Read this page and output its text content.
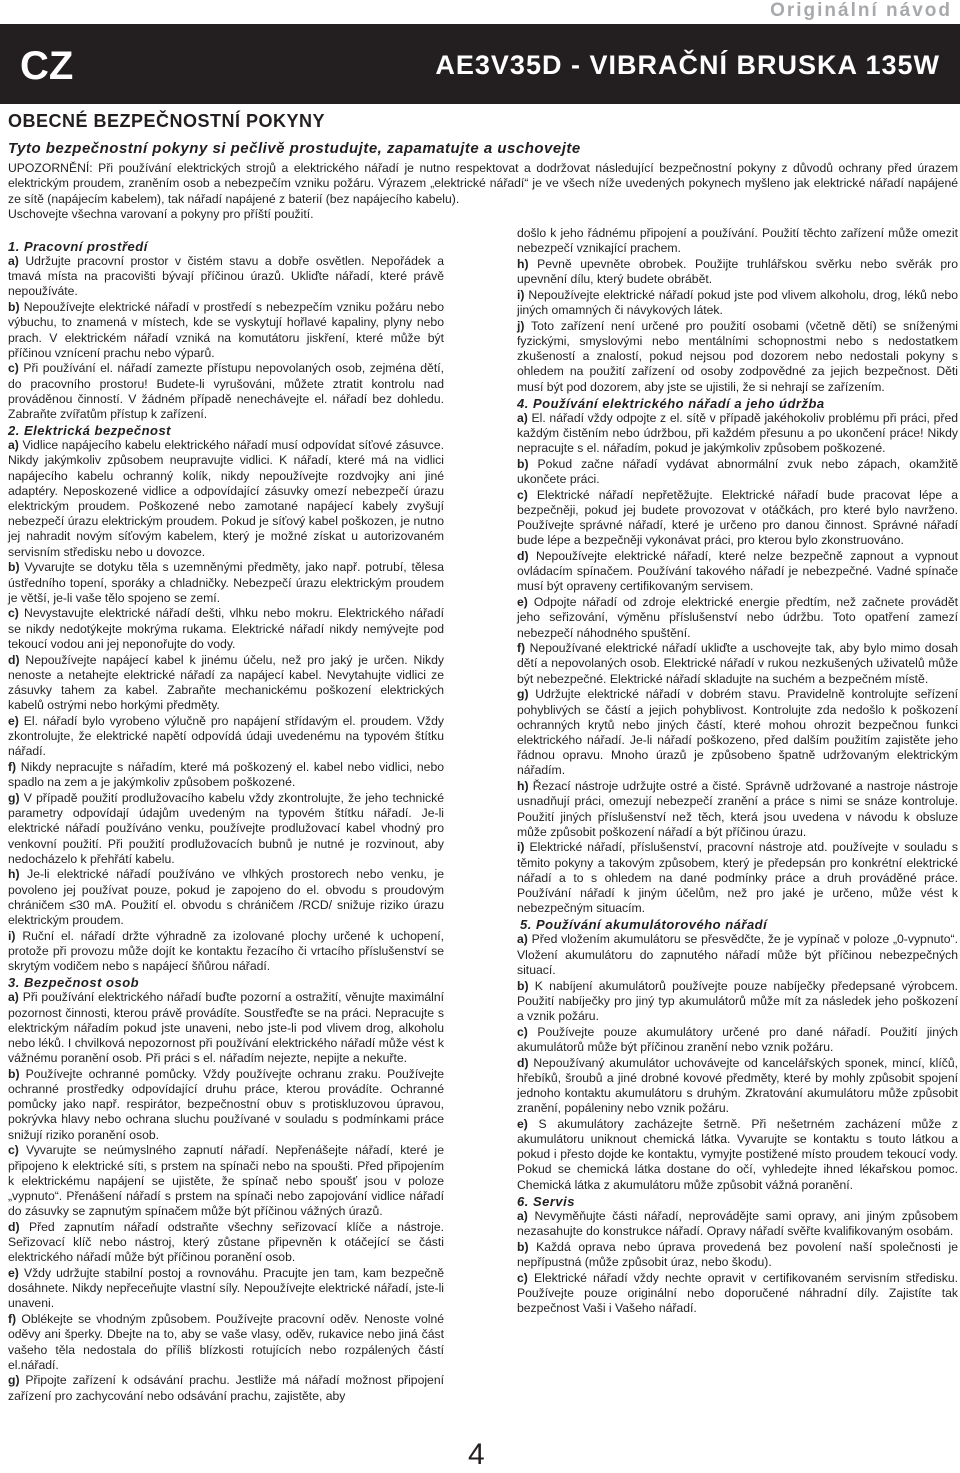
Originální návod
CZ	AE3V35D - VIBRAČNÍ BRUSKA 135W
OBECNÉ BEZPEČNOSTNÍ POKYNY
Tyto bezpečnostní pokyny si pečlivě prostudujte, zapamatujte a uschovejte
UPOZORNĚNÍ: Při používání elektrických strojů a elektrického nářadí je nutno respektovat a dodržovat následující bezpečnostní pokyny z důvodů ochrany před úrazem elektrickým proudem, zraněním osob a nebezpečím vzniku požáru. Výrazem „elektrické nářadí“ je ve všech níže uvedených pokynech myšleno jak elektrické nářadí napájené ze sítě (napájecím kabelem), tak nářadí napájené z baterií (bez napájecího kabelu).
Uschovejte všechna varovaní a pokyny pro příští použití.
1. Pracovní prostředí

a) Udržujte pracovní prostor v čistém stavu a dobře osvětlen. Nepořádek a tmavá místa na pracovišti bývají příčinou úrazů. Ukliďte nářadí, které právě nepoužíváte.

b) Nepoužívejte elektrické nářadí v prostředí s nebezpečím vzniku požáru nebo výbuchu, to znamená v místech, kde se vyskytují hořlavé kapaliny, plyny nebo prach. V elektrickém nářadí vzniká na komutátoru jiskření, které může být příčinou vznícení prachu nebo výparů.

c) Při používání el. nářadí zamezte přístupu nepovolaných osob, zejména dětí, do pracovního prostoru! Budete-li vyrušováni, můžete ztratit kontrolu nad prováděnou činností. V žádném případě nenechávejte el. nářadí bez dohledu. Zabraňte zvířatům přístup k zařízení.

2. Elektrická bezpečnost

a) Vidlice napájecího kabelu elektrického nářadí musí odpovídat síťové zásuvce. Nikdy jakýmkoliv způsobem neupravujte vidlici. K nářadí, které má na vidlici napájecího kabelu ochranný kolík, nikdy nepoužívejte rozdvojky ani jiné adaptéry. Neposkozené vidlice a odpovídající zásuvky omezí nebezpečí úrazu elektrickým proudem. Poškozené nebo zamotané napájecí kabely zvyšují nebezpečí úrazu elektrickým proudem. Pokud je síťový kabel poškozen, je nutno jej nahradit novým síťovým kabelem, který je možné získat u autorizovaném servisním středisku nebo u dovozce.

b) Vyvarujte se dotyku těla s uzemněnými předměty, jako např. potrubí, tělesa ústředního topení, sporáky a chladničky. Nebezpečí úrazu elektrickým proudem je větší, je-li vaše tělo spojeno se zemí.

c) Nevystavujte elektrické nářadí dešti, vlhku nebo mokru. Elektrického nářadí se nikdy nedotýkejte mokrýma rukama. Elektrické nářadí nikdy nemývejte pod tekoucí vodou ani jej neponořujte do vody.

d) Nepoužívejte napájecí kabel k jinému účelu, než pro jaký je určen. Nikdy nenoste a netahejte elektrické nářadí za napájecí kabel. Nevytahujte vidlici ze zásuvky tahem za kabel. Zabraňte mechanickému poškození elektrických kabelů ostrými nebo horkými předměty.

e) El. nářadí bylo vyrobeno výlučně pro napájení střídavým el. proudem. Vždy zkontrolujte, že elektrické napětí odpovídá údaji uvedenému na typovém štítku nářadí.

f) Nikdy nepracujte s nářadím, které má poškozený el. kabel nebo vidlici, nebo spadlo na zem a je jakýmkoliv způsobem poškozené.

g) V případě použití prodlužovacího kabelu vždy zkontrolujte, že jeho technické parametry odpovídají údajům uvedeným na typovém štítku nářadí. Je-li elektrické nářadí používáno venku, používejte prodlužovací kabel vhodný pro venkovní použití. Při použití prodlužovacích bubnů je nutné je rozvinout, aby nedocházelo k přehřátí kabelu.

h) Je-li elektrické nářadí používáno ve vlhkých prostorech nebo venku, je povoleno jej používat pouze, pokud je zapojeno do el. obvodu s proudovým chráničem ≤30 mA. Použití el. obvodu s chráničem /RCD/ snižuje riziko úrazu elektrickým proudem.

i) Ruční el. nářadí držte výhradně za izolované plochy určené k uchopení, protože při provozu může dojít ke kontaktu řezacího či vrtacího příslušenství se skrytým vodičem nebo s napájecí šňůrou nářadí.

3. Bezpečnost osob

a) Při používání elektrického nářadí buďte pozorní a ostražití, věnujte maximální pozornost činnosti, kterou právě provádíte. Soustřeďte se na práci. Nepracujte s elektrickým nářadím pokud jste unaveni, nebo jste-li pod vlivem drog, alkoholu nebo léků. I chvilková nepozornost při používání elektrického nářadí může vést k vážnému poranění osob. Při práci s el. nářadím nejezte, nepijte a nekuřte.

b) Používejte ochranné pomůcky. Vždy používejte ochranu zraku. Používejte ochranné prostředky odpovídající druhu práce, kterou provádíte. Ochranné pomůcky jako např. respirátor, bezpečnostní obuv s protiskluzovou úpravou, pokrývka hlavy nebo ochrana sluchu používané v souladu s podmínkami práce snižují riziko poranění osob.

c) Vyvarujte se neúmyslného zapnutí nářadí. Nepřenášejte nářadí, které je připojeno k elektrické síti, s prstem na spínači nebo na spoušti. Před připojením k elektrickému napájení se ujistěte, že spínač nebo spoušť jsou v poloze „vypnuto“. Přenášení nářadí s prstem na spínači nebo zapojování vidlice nářadí do zásuvky se zapnutým spínačem může být příčinou vážných úrazů.

d) Před zapnutím nářadí odstraňte všechny seřizovací klíče a nástroje. Seřizovací klíč nebo nástroj, který zůstane připevněn k otáčející se části elektrického nářadí může být příčinou poranění osob.

e) Vždy udržujte stabilní postoj a rovnováhu. Pracujte jen tam, kam bezpečně dosáhnete. Nikdy nepřeceňujte vlastní síly. Nepoužívejte elektrické nářadí, jste-li unaveni.

f) Oblékejte se vhodným způsobem. Používejte pracovní oděv. Nenoste volné oděvy ani šperky. Dbejte na to, aby se vaše vlasy, oděv, rukavice nebo jiná část vašeho těla nedostala do příliš blízkosti rotujících nebo rozpálených částí el.nářadí.

g) Připojte zařízení k odsávání prachu. Jestliže má nářadí možnost připojení zařízení pro zachycování nebo odsávání prachu, zajistěte, aby

došlo k jeho řádnému připojení a používání. Použití těchto zařízení může omezit nebezpečí vznikající prachem.

h) Pevně upevněte obrobek. Použijte truhlářskou svěrku nebo svěrák pro upevnění dílu, který budete obrábět.

i) Nepoužívejte elektrické nářadí pokud jste pod vlivem alkoholu, drog, léků nebo jiných omamných či návykových látek.

j) Toto zařízení není určené pro použití osobami (včetně dětí) se sníženými fyzickými, smyslovými nebo mentálními schopnostmi nebo s nedostatkem zkušeností a znalostí, pokud nejsou pod dozorem nebo nedostali pokyny s ohledem na použití zařízení od osoby zodpovědné za jejich bezpečnost. Děti musí být pod dozorem, aby jste se ujistili, že si nehrají se zařízením.

4. Používání elektrického nářadí a jeho údržba

a) El. nářadí vždy odpojte z el. sítě v případě jakéhokoliv problému při práci, před každým čistěním nebo údržbou, při každém přesunu a po ukončení práce! Nikdy nepracujte s el. nářadím, pokud je jakýmkoliv způsobem poškozené.

b) Pokud začne nářadí vydávat abnormální zvuk nebo zápach, okamžitě ukončete práci.

c) Elektrické nářadí nepřetěžujte. Elektrické nářadí bude pracovat lépe a bezpečněji, pokud jej budete provozovat v otáčkách, pro které bylo navrženo. Používejte správné nářadí, které je určeno pro danou činnost. Správné nářadí bude lépe a bezpečněji vykonávat práci, pro kterou bylo zkonstruováno.

d) Nepoužívejte elektrické nářadí, které nelze bezpečně zapnout a vypnout ovládacím spínačem. Používání takového nářadí je nebezpečné. Vadné spínače musí být opraveny certifikovaným servisem.

e) Odpojte nářadí od zdroje elektrické energie předtím, než začnete provádět jeho seřizování, výměnu příslušenství nebo údržbu. Toto opatření zamezí nebezpečí náhodného spuštění.

f) Nepoužívané elektrické nářadí ukliďte a uschovejte tak, aby bylo mimo dosah dětí a nepovolaných osob. Elektrické nářadí v rukou nezkušených uživatelů může být nebezpečné. Elektrické nářadí skladujte na suchém a bezpečném místě.

g) Udržujte elektrické nářadí v dobrém stavu. Pravidelně kontrolujte seřízení pohyblivých se částí a jejich pohyblivost. Kontrolujte zda nedošlo k poškození ochranných krytů nebo jiných částí, které mohou ohrozit bezpečnou funkci elektrického nářadí. Je-li nářadí poškozeno, před dalším použitím zajistěte jeho řádnou opravu. Mnoho úrazů je způsobeno špatně udržovaným elektrickým nářadím.

h) Řezací nástroje udržujte ostré a čisté. Správně udržované a nastroje nástroje usnadňují práci, omezují nebezpečí zranění a práce s nimi se snáze kontroluje. Použití jiných příslušenství než těch, která jsou uvedena v návodu k obsluze může způsobit poškození nářadí a být příčinou úrazu.

i) Elektrické nářadí, příslušenství, pracovní nástroje atd. používejte v souladu s těmito pokyny a takovým způsobem, který je předepsán pro konkrétní elektrické nářadí a to s ohledem na dané podmínky práce a druh prováděné práce. Používání nářadí k jiným účelům, než pro jaké je určeno, může vést k nebezpečným situacím.

5. Používání akumulátorového nářadí

a) Před vložením akumulátoru se přesvědčte, že je vypínač v poloze „0-vypnuto“. Vložení akumulátoru do zapnutého nářadí může být příčinou nebezpečných situací.

b) K nabíjení akumulátorů používejte pouze nabíječky předepsané výrobcem. Použití nabíječky pro jiný typ akumulátorů může mít za následek jeho poškození a vznik požáru.

c) Používejte pouze akumulátory určené pro dané nářadí. Použití jiných akumulátorů může být příčinou zranění nebo vznik požáru.

d) Nepoužívaný akumulátor uchovávejte od kancelářských sponek, mincí, klíčů, hřebíků, šroubů a jiné drobné kovové předměty, které by mohly způsobit spojení jednoho kontaktu akumulátoru s druhým. Zkratování akumulátoru může způsobit zranění, popáleniny nebo vznik požáru.

e) S akumulátory zacházejte šetrně. Při nešetrném zacházení může z akumulátoru uniknout chemická látka. Vyvarujte se kontaktu s touto látkou a pokud i přesto dojde ke kontaktu, vymyjte postižené místo proudem tekoucí vody. Pokud se chemická látka dostane do očí, vyhledejte ihned lékařskou pomoc. Chemická látka z akumulátoru může způsobit vážná poranění.

6. Servis

a) Nevyměňujte části nářadí, neprovádějte sami opravy, ani jiným způsobem nezasahujte do konstrukce nářadí. Opravy nářadí svěřte kvalifikovaným osobám.

b) Každá oprava nebo úprava provedená bez povolení naší společnosti je nepřípustná (může způsobit úraz, nebo škodu).

c) Elektrické nářadí vždy nechte opravit v certifikovaném servisním středisku. Používejte pouze originální nebo doporučené náhradní díly. Zajistíte tak bezpečnost Vaši i Vašeho nářadí.

4
